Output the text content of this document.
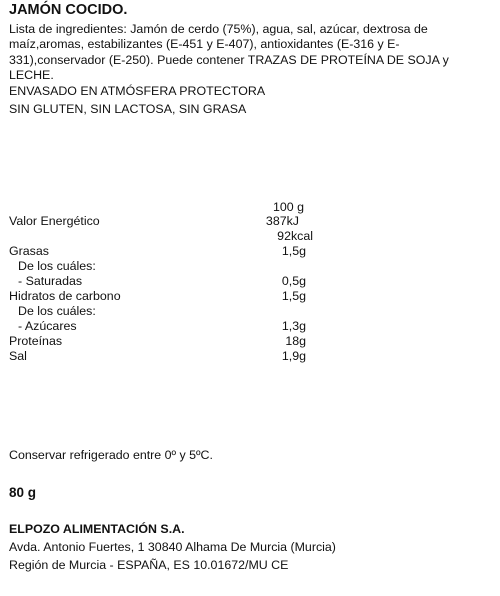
JAMÓN COCIDO.
Lista de ingredientes: Jamón de cerdo (75%), agua, sal, azúcar, dextrosa de maíz,aromas, estabilizantes (E-451 y E-407), antioxidantes (E-316 y E-331),conservador (E-250). Puede contener TRAZAS DE PROTEÍNA DE SOJA y LECHE.
ENVASADO EN ATMÓSFERA PROTECTORA
SIN GLUTEN, SIN LACTOSA, SIN GRASA
100 g
Valor Energético	387kJ
92kcal
Grasas	1,5g
De los cuáles:
- Saturadas	0,5g
Hidratos de carbono	1,5g
De los cuáles:
- Azúcares	1,3g
Proteínas	18g
Sal	1,9g
Conservar refrigerado entre 0º y 5ºC.
80 g
ELPOZO ALIMENTACIÓN S.A.
Avda. Antonio Fuertes, 1 30840 Alhama De Murcia (Murcia)
Región de Murcia - ESPAÑA, ES 10.01672/MU CE
